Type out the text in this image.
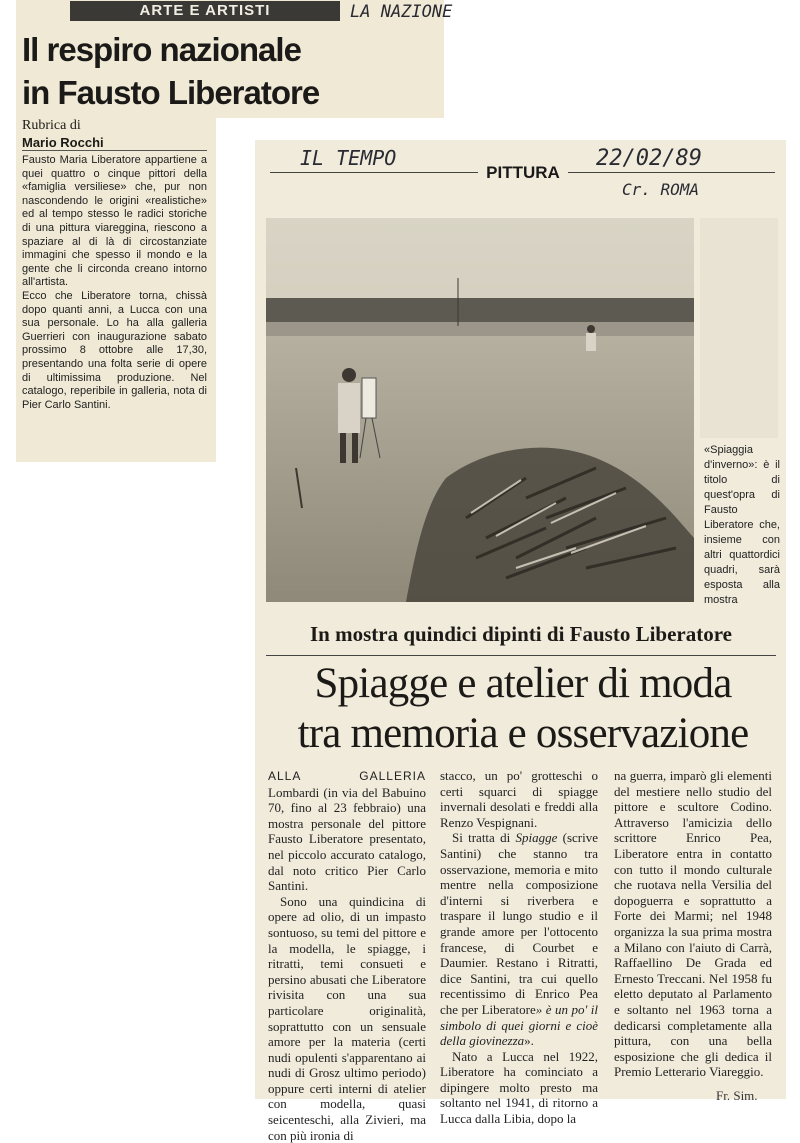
ARTE E ARTISTI	LA NAZIONE
Il respiro nazionale
in Fausto Liberatore
Rubrica di
Mario Rocchi

Fausto Maria Liberatore appartiene a quei quattro o cinque pittori della «famiglia versiliese» che, pur non nascondendo le origini «realistiche» ed al tempo stesso le radici storiche di una pittura viareggina, riescono a spaziare al di là di circostanziate immagini che spesso il mondo e la gente che li circonda creano intorno all'artista.

Ecco che Liberatore torna, chissà dopo quanti anni, a Lucca con una sua personale. Lo ha alla galleria Guerrieri con inaugurazione sabato prossimo 8 ottobre alle 17,30, presentando una folta serie di opere di ultimissima produzione. Nel catalogo, reperibile in galleria, nota di Pier Carlo Santini.

IL TEMPO	22/02/89
Cr. ROMA
PITTURA
«Spiaggia d'inverno»: è il titolo di quest'opra di Fausto Liberatore che, insieme con altri quattordici quadri, sarà esposta alla mostra
In mostra quindici dipinti di Fausto Liberatore
Spiagge e atelier di moda
tra memoria e osservazione

ALLA GALLERIA Lombardi (in via del Babuino 70, fino al 23 febbraio) una mostra personale del pittore Fausto Liberatore presentato, nel piccolo accurato catalogo, dal noto critico Pier Carlo Santini.

Sono una quindicina di opere ad olio, di un impasto sontuoso, su temi del pittore e la modella, le spiagge, i ritratti, temi consueti e persino abusati che Liberatore rivisita con una sua particolare originalità, soprattutto con un sensuale amore per la materia (certi nudi opulenti s'apparentano ai nudi di Grosz ultimo periodo) oppure certi interni di atelier con modella, quasi seicenteschi, alla Zivieri, ma con più ironia di

stacco, un po' grotteschi o certi squarci di spiagge invernali desolati e freddi alla Renzo Vespignani.

Si tratta di Spiagge (scrive Santini) che stanno tra osservazione, memoria e mito mentre nella composizione d'interni si riverbera e traspare il lungo studio e il grande amore per l'ottocento francese, di Courbet e Daumier. Restano i Ritratti, dice Santini, tra cui quello recentissimo di Enrico Pea che per Liberatore» è un po' il simbolo di quei giorni e cioè della giovinezza».

Nato a Lucca nel 1922, Liberatore ha cominciato a dipingere molto presto ma soltanto nel 1941, di ritorno a Lucca dalla Libia, dopo la

na guerra, imparò gli elementi del mestiere nello studio del pittore e scultore Codino. Attraverso l'amicizia dello scrittore Enrico Pea, Liberatore entra in contatto con tutto il mondo culturale che ruotava nella Versilia del dopoguerra e soprattutto a Forte dei Marmi; nel 1948 organizza la sua prima mostra a Milano con l'aiuto di Carrà, Raffaellino De Grada ed Ernesto Treccani. Nel 1958 fu eletto deputato al Parlamento e soltanto nel 1963 torna a dedicarsi completamente alla pittura, con una bella esposizione che gli dedica il Premio Letterario Viareggio.

Fr. Sim.
